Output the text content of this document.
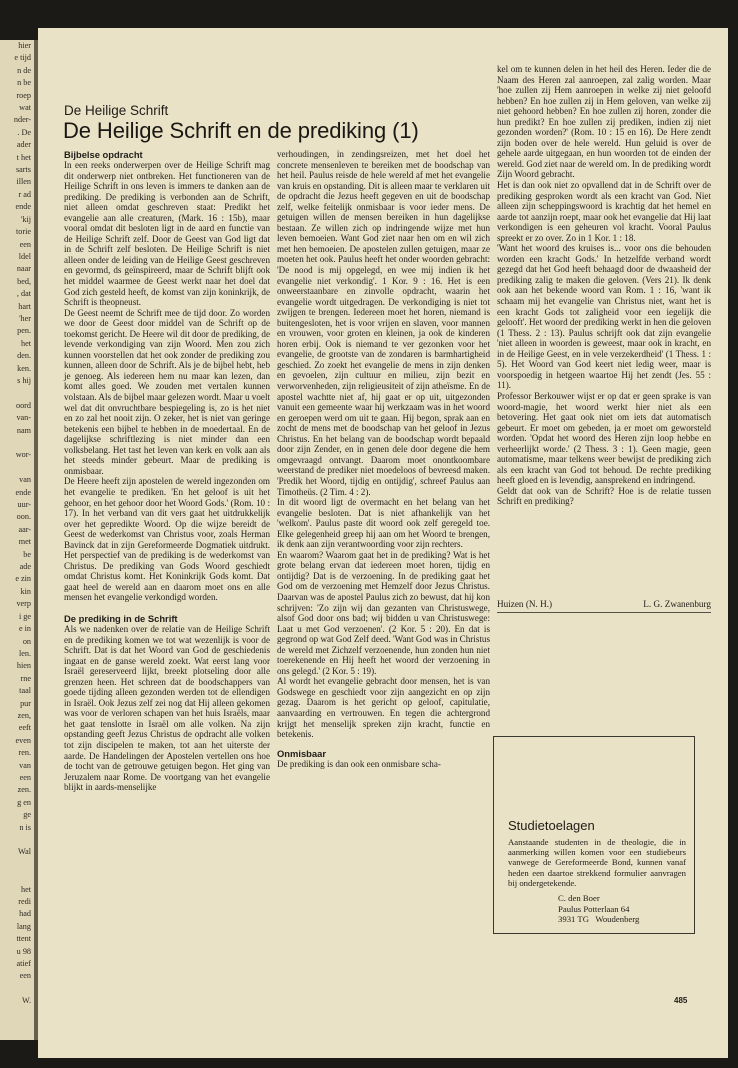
hier
e tijd
n de
n be
roep
wat
nder-
. De
ader
t het
sarts
illen
r ad
ende
'kij
torie
een
ldel
naar
bed,
, dat
hart
'her
pen.
het
den.
ken.
s hij

oord
van-
nam

wor-

van
ende
uur-
oon.
aar-
met
be
ade
e zin
kin
verp
i ge
e in
on
len.
hien
rne
taal
pur
zen,
eeft
even
ren.
van
een
zen.
g en
ge
n is

Wal

het
redi
had
lang
ttent
u 98
atief
een

W.
De Heilige Schrift
De Heilige Schrift en de prediking (1)
Bijbelse opdracht

In een reeks onderwerpen over de Heilige Schrift mag dit onderwerp niet ontbreken. Het functioneren van de Heilige Schrift in ons leven is immers te danken aan de prediking. De prediking is verbonden aan de Schrift, niet alleen omdat geschreven staat: Predikt het evangelie aan alle creaturen, (Mark. 16 : 15b), maar vooral omdat dit besloten ligt in de aard en functie van de Heilige Schrift zelf. Door de Geest van God ligt dat in de Schrift zelf besloten. De Heilige Schrift is niet alleen onder de leiding van de Heilige Geest geschreven en gevormd, ds geïnspireerd, maar de Schrift blijft ook het middel waarmee de Geest werkt naar het doel dat God zich gesteld heeft, de komst van zijn koninkrijk, de Schrift is theopneust.

De Geest neemt de Schrift mee de tijd door. Zo worden we door de Geest door middel van de Schrift op de toekomst gericht. De Heere wil dit door de prediking, de levende verkondiging van zijn Woord. Men zou zich kunnen voorstellen dat het ook zonder de prediking zou kunnen, alleen door de Schrift. Als je de bijbel hebt, heb je genoeg. Als iedereen hem nu maar kan lezen, dan komt alles goed. We zouden met vertalen kunnen volstaan. Als de bijbel maar gelezen wordt. Maar u voelt wel dat dit onvruchtbare bespiegeling is, zo is het niet en zo zal het nooit zijn. O zeker, het is niet van geringe betekenis een bijbel te hebben in de moedertaal. En de dagelijkse schriftlezing is niet minder dan een volksbelang. Het tast het leven van kerk en volk aan als het steeds minder gebeurt. Maar de prediking is onmisbaar.

De Heere heeft zijn apostelen de wereld ingezonden om het evangelie te prediken. 'En het geloof is uit het gehoor, en het gehoor door het Woord Gods.' (Rom. 10 : 17). In het verband van dit vers gaat het uitdrukkelijk over het gepredikte Woord. Op die wijze bereidt de Geest de wederkomst van Christus voor, zoals Herman Bavinck dat in zijn Gereformeerde Dogmatiek uitdrukt. Het perspectief van de prediking is de wederkomst van Christus. De prediking van Gods Woord geschiedt omdat Christus komt. Het Koninkrijk Gods komt. Dat gaat heel de wereld aan en daarom moet ons en alle mensen het evangelie verkondigd worden.

De prediking in de Schrift

Als we nadenken over de relatie van de Heilige Schrift en de prediking komen we tot wat wezenlijk is voor de Schrift. Dat is dat het Woord van God de geschiedenis ingaat en de ganse wereld zoekt. Wat eerst lang voor Israël gereserveerd lijkt, breekt plotseling door alle grenzen heen. Het schreen dat de boodschappers van goede tijding alleen gezonden werden tot de ellendigen in Israël. Ook Jezus zelf zei nog dat Hij alleen gekomen was voor de verloren schapen van het huis Israëls, maar het gaat tenslotte in Israël om alle volken. Na zijn opstanding geeft Jezus Christus de opdracht alle volken tot zijn discipelen te maken, tot aan het uiterste der aarde. De Handelingen der Apostelen vertellen ons hoe de tocht van de getrouwe getuigen begon. Het ging van Jeruzalem naar Rome. De voortgang van het evangelie blijkt in aards-menselijke

verhoudingen, in zendingsreizen, met het doel het concrete mensenleven te bereiken met de boodschap van het heil. Paulus reisde de hele wereld af met het evangelie van kruis en opstanding. Dit is alleen maar te verklaren uit de opdracht die Jezus heeft gegeven en uit de boodschap zelf, welke feitelijk onmisbaar is voor ieder mens. De getuigen willen de mensen bereiken in hun dagelijkse bestaan. Ze willen zich op indringende wijze met hun leven bemoeien. Want God ziet naar hen om en wil zich met hen bemoeien. De apostelen zullen getuigen, maar ze moeten het ook. Paulus heeft het onder woorden gebracht: 'De nood is mij opgelegd, en wee mij indien ik het evangelie niet verkondig'. 1 Kor. 9 : 16. Het is een onweerstaanbare en zinvolle opdracht, waarin het evangelie wordt uitgedragen. De verkondiging is niet tot zwijgen te brengen. Iedereen moet het horen, niemand is buitengesloten, het is voor vrijen en slaven, voor mannen en vrouwen, voor groten en kleinen, ja ook de kinderen horen erbij. Ook is niemand te ver gezonken voor het evangelie, de grootste van de zondaren is barmhartigheid geschied. Zo zoekt het evangelie de mens in zijn denken en gevoelen, zijn cultuur en milieu, zijn bezit en verworvenheden, zijn religieusiteit of zijn atheïsme. En de apostel wachtte niet af, hij gaat er op uit, uitgezonden vanuit een gemeente waar hij werkzaam was in het woord en geroepen werd om uit te gaan. Hij begon, sprak aan en zocht de mens met de boodschap van het geloof in Jezus Christus. En het belang van de boodschap wordt bepaald door zijn Zender, en in genen dele door degene die hem omgevraagd ontvangt. Daarom moet onontkoombare weerstand de prediker niet moedeloos of bevreesd maken. 'Predik het Woord, tijdig en ontijdig', schreef Paulus aan Timotheüs. (2 Tim. 4 : 2).

In dit woord ligt de overmacht en het belang van het evangelie besloten. Dat is niet afhankelijk van het 'welkom'. Paulus paste dit woord ook zelf geregeld toe. Elke gelegenheid greep hij aan om het Woord te brengen, ik denk aan zijn verantwoording voor zijn rechters.

En waarom? Waarom gaat het in de prediking? Wat is het grote belang ervan dat iedereen moet horen, tijdig en ontijdig? Dat is de verzoening. In de prediking gaat het God om de verzoening met Hemzelf door Jezus Christus. Daarvan was de apostel Paulus zich zo bewust, dat hij kon schrijven: 'Zo zijn wij dan gezanten van Christuswege, alsof God door ons bad; wij bidden u van Christuswege: Laat u met God verzoenen'. (2 Kor. 5 : 20). En dat is gegrond op wat God Zelf deed. 'Want God was in Christus de wereld met Zichzelf verzoenende, hun zonden hun niet toerekenende en Hij heeft het woord der verzoening in ons gelegd.' (2 Kor. 5 : 19).

Al wordt het evangelie gebracht door mensen, het is van Godswege en geschiedt voor zijn aangezicht en op zijn gezag. Daarom is het gericht op geloof, capitulatie, aanvaarding en vertrouwen. En tegen die achtergrond krijgt het menselijk spreken zijn kracht, functie en betekenis.

Onmisbaar

De prediking is dan ook een onmisbare scha-

kel om te kunnen delen in het heil des Heren. Ieder die de Naam des Heren zal aanroepen, zal zalig worden. Maar 'hoe zullen zij Hem aanroepen in welke zij niet geloofd hebben? En hoe zullen zij in Hem geloven, van welke zij niet gehoord hebben? En hoe zullen zij horen, zonder die hun predikt? En hoe zullen zij prediken, indien zij niet gezonden worden?' (Rom. 10 : 15 en 16). De Here zendt zijn boden over de hele wereld. Hun geluid is over de gehele aarde uitgegaan, en hun woorden tot de einden der wereld. God ziet naar de wereld om. In de prediking wordt Zijn Woord gebracht.

Het is dan ook niet zo opvallend dat in de Schrift over de prediking gesproken wordt als een kracht van God. Niet alleen zijn scheppingswoord is krachtig dat het hemel en aarde tot aanzijn roept, maar ook het evangelie dat Hij laat verkondigen is een geheuren vol kracht. Vooral Paulus spreekt er zo over. Zo in 1 Kor. 1 : 18.

'Want het woord des kruises is... voor ons die behouden worden een kracht Gods.' In hetzelfde verband wordt gezegd dat het God heeft behaagd door de dwaasheid der prediking zalig te maken die geloven. (Vers 21). Ik denk ook aan het bekende woord van Rom. 1 : 16, 'want ik schaam mij het evangelie van Christus niet, want het is een kracht Gods tot zaligheid voor een iegelijk die gelooft'. Het woord der prediking werkt in hen die geloven (1 Thess. 2 : 13). Paulus schrijft ook dat zijn evangelie 'niet alleen in woorden is geweest, maar ook in kracht, en in de Heilige Geest, en in vele verzekerdheid' (1 Thess. 1 : 5). Het Woord van God keert niet ledig weer, maar is voorspoedig in hetgeen waartoe Hij het zendt (Jes. 55 : 11).

Professor Berkouwer wijst er op dat er geen sprake is van woord-magie, het woord werkt hier niet als een betovering. Het gaat ook niet om iets dat automatisch gebeurt. Er moet om gebeden, ja er moet om geworsteld worden. 'Opdat het woord des Heren zijn loop hebbe en verheerlijkt worde.' (2 Thess. 3 : 1). Geen magie, geen automatisme, maar telkens weer bewijst de prediking zich als een kracht van God tot behoud. De rechte prediking heeft gloed en is levendig, aansprekend en indringend.

Geldt dat ook van de Schrift? Hoe is de relatie tussen Schrift en prediking?

Huizen (N. H.)	L. G. Zwanenburg
Studietoelagen
Aanstaande studenten in de theologie, die in aanmerking willen komen voor een studiebeurs vanwege de Gereformeerde Bond, kunnen vanaf heden een daartoe strekkend formulier aanvragen bij ondergetekende.
C. den Boer
Paulus Potterlaan 64
3931 TG   Woudenberg
485
